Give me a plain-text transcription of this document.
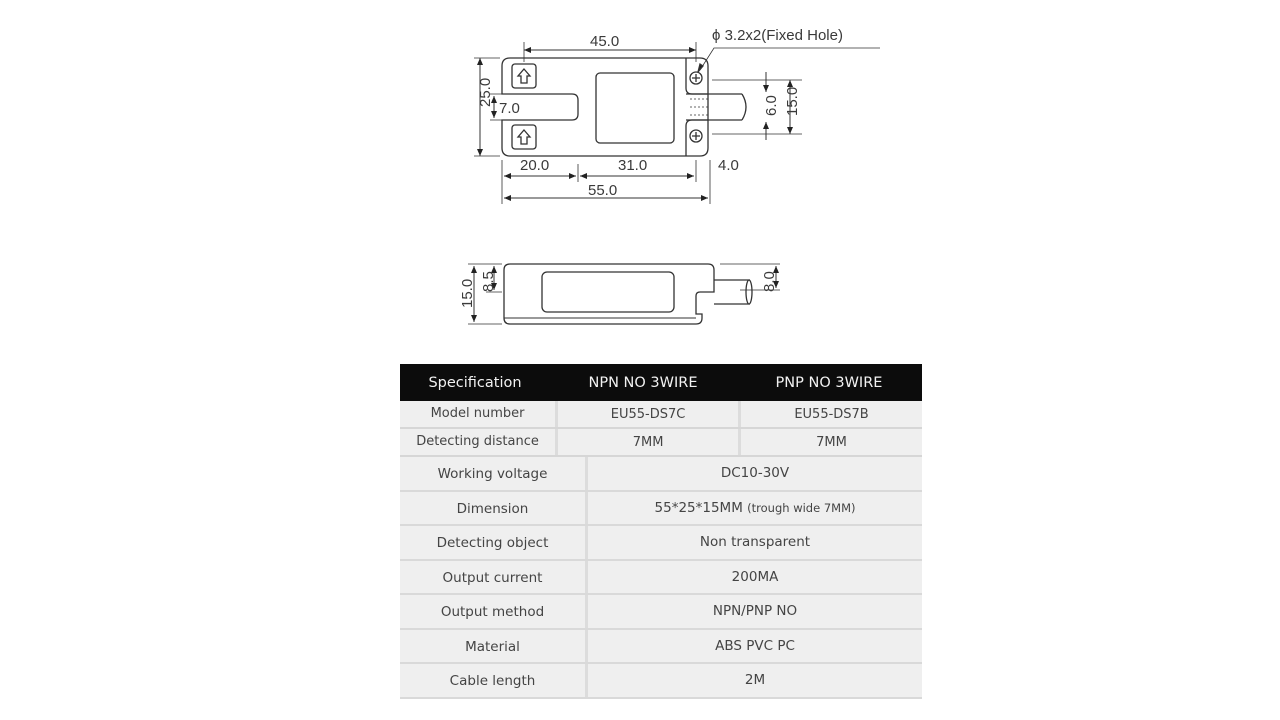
45.0	ϕ 3.2x2(Fixed Hole)
25.0
7.0
20.0	31.0	4.0
55.0
6.0 15.0
15.0 8.5	8.0
Specification	NPN NO 3WIRE	PNP NO 3WIRE
Model number	EU55-DS7C	EU55-DS7B
Detecting distance	7MM	7MM
Working voltage	DC10-30V
Dimension	55*25*15MM (trough wide 7MM)
Detecting object	Non transparent
Output current	200MA
Output method	NPN/PNP NO
Material	ABS PVC PC
Cable length	2M
